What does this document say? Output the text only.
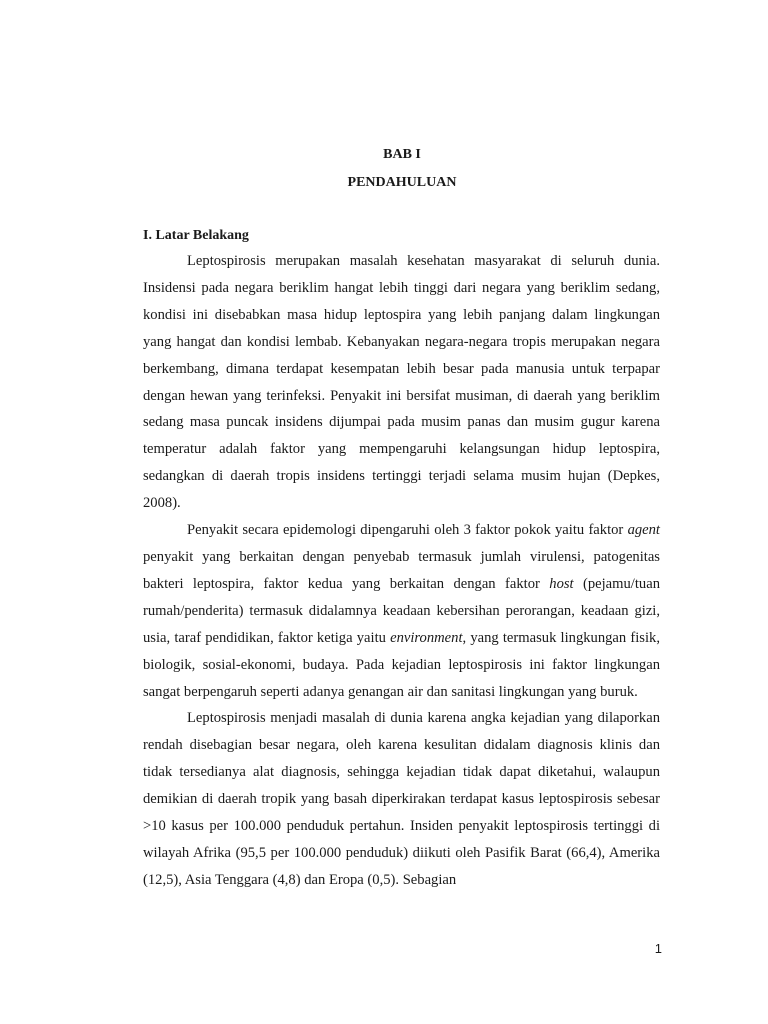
BAB I
PENDAHULUAN
I. Latar Belakang

Leptospirosis merupakan masalah kesehatan masyarakat di seluruh dunia. Insidensi pada negara beriklim hangat lebih tinggi dari negara yang beriklim sedang, kondisi ini disebabkan masa hidup leptospira yang lebih panjang dalam lingkungan yang hangat dan kondisi lembab. Kebanyakan negara-negara tropis merupakan negara berkembang, dimana terdapat kesempatan lebih besar pada manusia untuk terpapar dengan hewan yang terinfeksi. Penyakit ini bersifat musiman, di daerah yang beriklim sedang masa puncak insidens dijumpai pada musim panas dan musim gugur karena temperatur adalah faktor yang mempengaruhi kelangsungan hidup leptospira, sedangkan di daerah tropis insidens tertinggi terjadi selama musim hujan (Depkes, 2008).

Penyakit secara epidemologi dipengaruhi oleh 3 faktor pokok yaitu faktor agent penyakit yang berkaitan dengan penyebab termasuk jumlah virulensi, patogenitas bakteri leptospira, faktor kedua yang berkaitan dengan faktor host (pejamu/tuan rumah/penderita) termasuk didalamnya keadaan kebersihan perorangan, keadaan gizi, usia, taraf pendidikan, faktor ketiga yaitu environment, yang termasuk lingkungan fisik, biologik, sosial-ekonomi, budaya. Pada kejadian leptospirosis ini faktor lingkungan sangat berpengaruh seperti adanya genangan air dan sanitasi lingkungan yang buruk.

Leptospirosis menjadi masalah di dunia karena angka kejadian yang dilaporkan rendah disebagian besar negara, oleh karena kesulitan didalam diagnosis klinis dan tidak tersedianya alat diagnosis, sehingga kejadian tidak dapat diketahui, walaupun demikian di daerah tropik yang basah diperkirakan terdapat kasus leptospirosis sebesar >10 kasus per 100.000 penduduk pertahun. Insiden penyakit leptospirosis tertinggi di wilayah Afrika (95,5 per 100.000 penduduk) diikuti oleh Pasifik Barat (66,4), Amerika (12,5), Asia Tenggara (4,8) dan Eropa (0,5). Sebagian

1
